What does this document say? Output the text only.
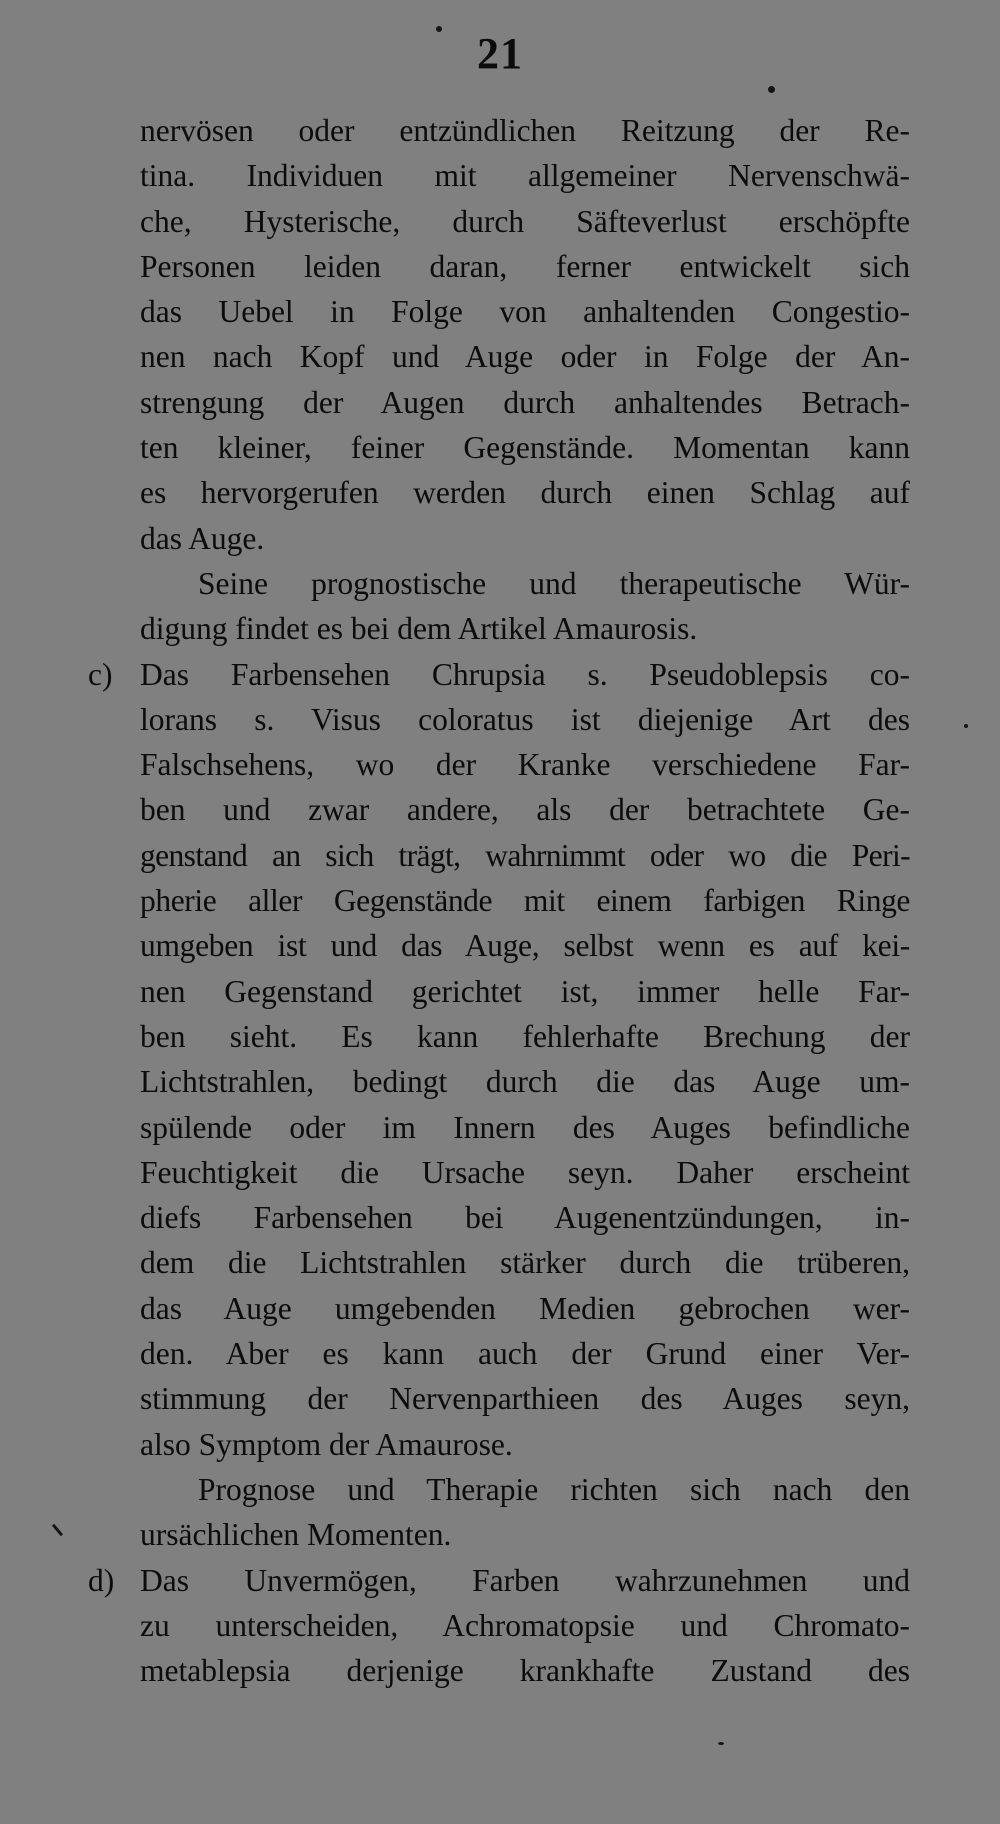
21
nervösen oder entzündlichen Reitzung der Re-
tina. Individuen mit allgemeiner Nervenschwä-
che, Hysterische, durch Säfteverlust erschöpfte
Personen leiden daran, ferner entwickelt sich
das Uebel in Folge von anhaltenden Congestio-
nen nach Kopf und Auge oder in Folge der An-
strengung der Augen durch anhaltendes Betrach-
ten kleiner, feiner Gegenstände. Momentan kann
es hervorgerufen werden durch einen Schlag auf
das Auge.
Seine prognostische und therapeutische Wür-
digung findet es bei dem Artikel Amaurosis.
c) Das Farbensehen Chrupsia s. Pseudoblepsis co-
lorans s. Visus coloratus ist diejenige Art des
Falschsehens, wo der Kranke verschiedene Far-
ben und zwar andere, als der betrachtete Ge-
genstand an sich trägt, wahrnimmt oder wo die Peri-
pherie aller Gegenstände mit einem farbigen Ringe
umgeben ist und das Auge, selbst wenn es auf kei-
nen Gegenstand gerichtet ist, immer helle Far-
ben sieht. Es kann fehlerhafte Brechung der
Lichtstrahlen, bedingt durch die das Auge um-
spülende oder im Innern des Auges befindliche
Feuchtigkeit die Ursache seyn. Daher erscheint
diefs Farbensehen bei Augenentzündungen, in-
dem die Lichtstrahlen stärker durch die trüberen,
das Auge umgebenden Medien gebrochen wer-
den. Aber es kann auch der Grund einer Ver-
stimmung der Nervenparthieen des Auges seyn,
also Symptom der Amaurose.
Prognose und Therapie richten sich nach den
ursächlichen Momenten.
d) Das Unvermögen, Farben wahrzunehmen und
zu unterscheiden, Achromatopsie und Chromato-
metablepsia derjenige krankhafte Zustand des
